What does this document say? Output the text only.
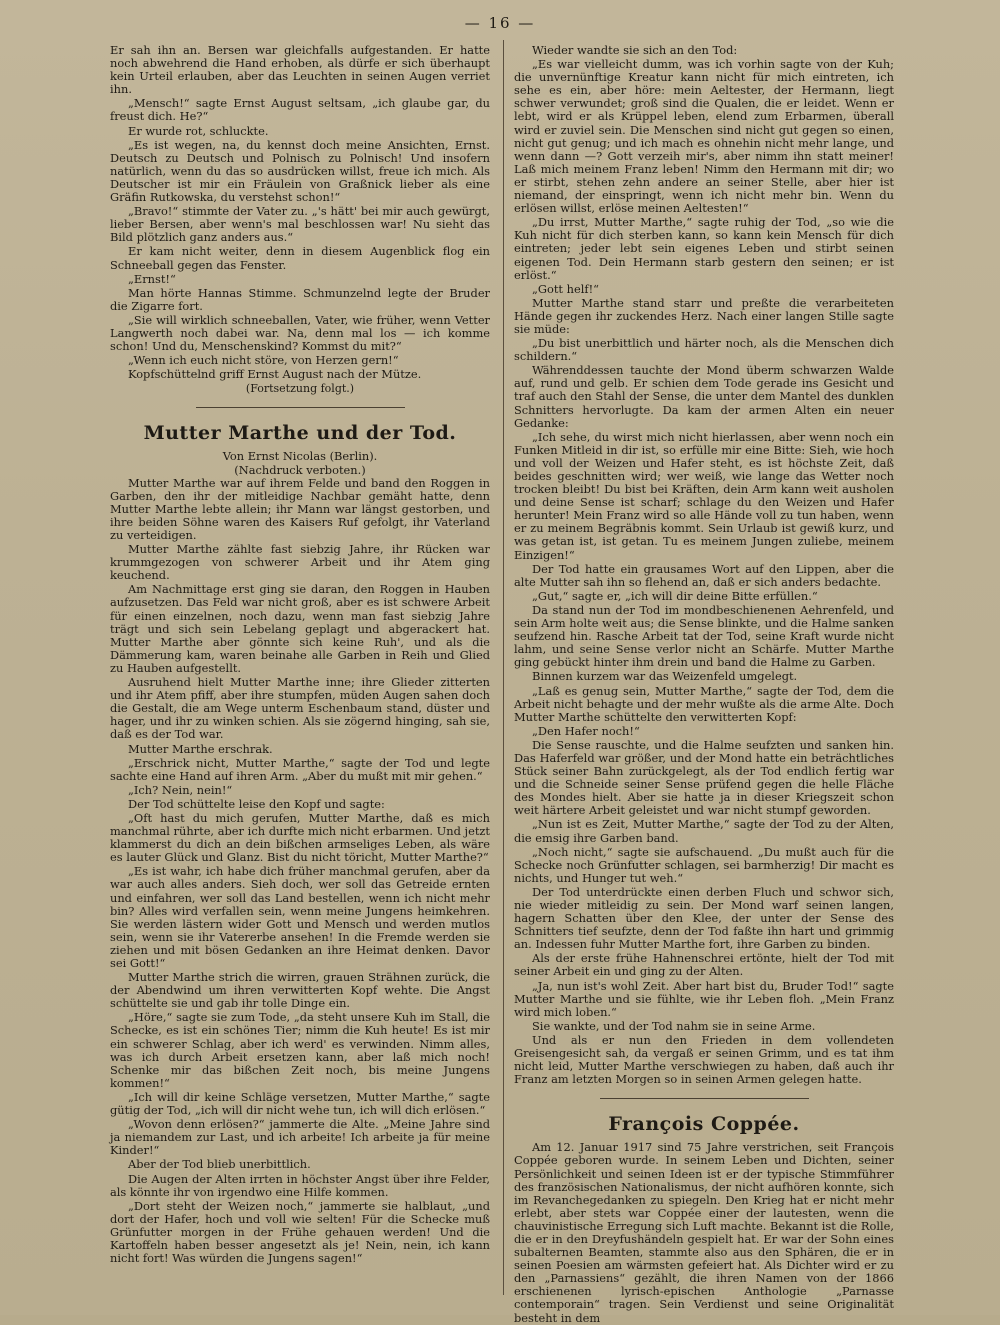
— 16 —

Er sah ihn an. Bersen war gleichfalls aufgestanden. Er hatte noch abwehrend die Hand erhoben, als dürfe er sich überhaupt kein Urteil erlauben, aber das Leuchten in seinen Augen verriet ihn.

„Mensch!“ sagte Ernst August seltsam, „ich glaube gar, du freust dich. He?“

Er wurde rot, schluckte.

„Es ist wegen, na, du kennst doch meine Ansichten, Ernst. Deutsch zu Deutsch und Polnisch zu Polnisch! Und insofern natürlich, wenn du das so ausdrücken willst, freue ich mich. Als Deutscher ist mir ein Fräulein von Graßnick lieber als eine Gräfin Rutkowska, du verstehst schon!“

„Bravo!“ stimmte der Vater zu. „'s hätt' bei mir auch gewürgt, lieber Bersen, aber wenn's mal beschlossen war! Nu sieht das Bild plötzlich ganz anders aus.“

Er kam nicht weiter, denn in diesem Augenblick flog ein Schneeball gegen das Fenster.

„Ernst!“

Man hörte Hannas Stimme. Schmunzelnd legte der Bruder die Zigarre fort.

„Sie will wirklich schneeballen, Vater, wie früher, wenn Vetter Langwerth noch dabei war. Na, denn mal los — ich komme schon! Und du, Menschenskind? Kommst du mit?“

„Wenn ich euch nicht störe, von Herzen gern!“

Kopfschüttelnd griff Ernst August nach der Mütze.

(Fortsetzung folgt.)
Mutter Marthe und der Tod.
Von Ernst Nicolas (Berlin).
(Nachdruck verboten.)

Mutter Marthe war auf ihrem Felde und band den Roggen in Garben, den ihr der mitleidige Nachbar gemäht hatte, denn Mutter Marthe lebte allein; ihr Mann war längst gestorben, und ihre beiden Söhne waren des Kaisers Ruf gefolgt, ihr Vaterland zu verteidigen.

Mutter Marthe zählte fast siebzig Jahre, ihr Rücken war krummgezogen von schwerer Arbeit und ihr Atem ging keuchend.

Am Nachmittage erst ging sie daran, den Roggen in Hauben aufzusetzen. Das Feld war nicht groß, aber es ist schwere Arbeit für einen einzelnen, noch dazu, wenn man fast siebzig Jahre trägt und sich sein Lebelang geplagt und abgerackert hat. Mutter Marthe aber gönnte sich keine Ruh', und als die Dämmerung kam, waren beinahe alle Garben in Reih und Glied zu Hauben aufgestellt.

Ausruhend hielt Mutter Marthe inne; ihre Glieder zitterten und ihr Atem pfiff, aber ihre stumpfen, müden Augen sahen doch die Gestalt, die am Wege unterm Eschenbaum stand, düster und hager, und ihr zu winken schien. Als sie zögernd hinging, sah sie, daß es der Tod war.

Mutter Marthe erschrak.

„Erschrick nicht, Mutter Marthe,“ sagte der Tod und legte sachte eine Hand auf ihren Arm. „Aber du mußt mit mir gehen.“

„Ich? Nein, nein!“

Der Tod schüttelte leise den Kopf und sagte:

„Oft hast du mich gerufen, Mutter Marthe, daß es mich manchmal rührte, aber ich durfte mich nicht erbarmen. Und jetzt klammerst du dich an dein bißchen armseliges Leben, als wäre es lauter Glück und Glanz. Bist du nicht töricht, Mutter Marthe?“

„Es ist wahr, ich habe dich früher manchmal gerufen, aber da war auch alles anders. Sieh doch, wer soll das Getreide ernten und einfahren, wer soll das Land bestellen, wenn ich nicht mehr bin? Alles wird verfallen sein, wenn meine Jungens heimkehren. Sie werden lästern wider Gott und Mensch und werden mutlos sein, wenn sie ihr Vatererbe ansehen! In die Fremde werden sie ziehen und mit bösen Gedanken an ihre Heimat denken. Davor sei Gott!“

Mutter Marthe strich die wirren, grauen Strähnen zurück, die der Abendwind um ihren verwitterten Kopf wehte. Die Angst schüttelte sie und gab ihr tolle Dinge ein.

„Höre,“ sagte sie zum Tode, „da steht unsere Kuh im Stall, die Schecke, es ist ein schönes Tier; nimm die Kuh heute! Es ist mir ein schwerer Schlag, aber ich werd' es verwinden. Nimm alles, was ich durch Arbeit ersetzen kann, aber laß mich noch! Schenke mir das bißchen Zeit noch, bis meine Jungens kommen!“

„Ich will dir keine Schläge versetzen, Mutter Marthe,“ sagte gütig der Tod, „ich will dir nicht wehe tun, ich will dich erlösen.“

„Wovon denn erlösen?“ jammerte die Alte. „Meine Jahre sind ja niemandem zur Last, und ich arbeite! Ich arbeite ja für meine Kinder!“

Aber der Tod blieb unerbittlich.

Die Augen der Alten irrten in höchster Angst über ihre Felder, als könnte ihr von irgendwo eine Hilfe kommen.

„Dort steht der Weizen noch,“ jammerte sie halblaut, „und dort der Hafer, hoch und voll wie selten! Für die Schecke muß Grünfutter morgen in der Frühe gehauen werden! Und die Kartoffeln haben besser angesetzt als je! Nein, nein, ich kann nicht fort! Was würden die Jungens sagen!“

Wieder wandte sie sich an den Tod:

„Es war vielleicht dumm, was ich vorhin sagte von der Kuh; die unvernünftige Kreatur kann nicht für mich eintreten, ich sehe es ein, aber höre: mein Aeltester, der Hermann, liegt schwer verwundet; groß sind die Qualen, die er leidet. Wenn er lebt, wird er als Krüppel leben, elend zum Erbarmen, überall wird er zuviel sein. Die Menschen sind nicht gut gegen so einen, nicht gut genug; und ich mach es ohnehin nicht mehr lange, und wenn dann —? Gott verzeih mir's, aber nimm ihn statt meiner! Laß mich meinem Franz leben! Nimm den Hermann mit dir; wo er stirbt, stehen zehn andere an seiner Stelle, aber hier ist niemand, der einspringt, wenn ich nicht mehr bin. Wenn du erlösen willst, erlöse meinen Aeltesten!“

„Du irrst, Mutter Marthe,“ sagte ruhig der Tod, „so wie die Kuh nicht für dich sterben kann, so kann kein Mensch für dich eintreten; jeder lebt sein eigenes Leben und stirbt seinen eigenen Tod. Dein Hermann starb gestern den seinen; er ist erlöst.“

„Gott helf!“

Mutter Marthe stand starr und preßte die verarbeiteten Hände gegen ihr zuckendes Herz. Nach einer langen Stille sagte sie müde:

„Du bist unerbittlich und härter noch, als die Menschen dich schildern.“

Währenddessen tauchte der Mond überm schwarzen Walde auf, rund und gelb. Er schien dem Tode gerade ins Gesicht und traf auch den Stahl der Sense, die unter dem Mantel des dunklen Schnitters hervorlugte. Da kam der armen Alten ein neuer Gedanke:

„Ich sehe, du wirst mich nicht hierlassen, aber wenn noch ein Funken Mitleid in dir ist, so erfülle mir eine Bitte: Sieh, wie hoch und voll der Weizen und Hafer steht, es ist höchste Zeit, daß beides geschnitten wird; wer weiß, wie lange das Wetter noch trocken bleibt! Du bist bei Kräften, dein Arm kann weit ausholen und deine Sense ist scharf; schlage du den Weizen und Hafer herunter! Mein Franz wird so alle Hände voll zu tun haben, wenn er zu meinem Begräbnis kommt. Sein Urlaub ist gewiß kurz, und was getan ist, ist getan. Tu es meinem Jungen zuliebe, meinem Einzigen!“

Der Tod hatte ein grausames Wort auf den Lippen, aber die alte Mutter sah ihn so flehend an, daß er sich anders bedachte.

„Gut,“ sagte er, „ich will dir deine Bitte erfüllen.“

Da stand nun der Tod im mondbeschienenen Aehrenfeld, und sein Arm holte weit aus; die Sense blinkte, und die Halme sanken seufzend hin. Rasche Arbeit tat der Tod, seine Kraft wurde nicht lahm, und seine Sense verlor nicht an Schärfe. Mutter Marthe ging gebückt hinter ihm drein und band die Halme zu Garben.

Binnen kurzem war das Weizenfeld umgelegt.

„Laß es genug sein, Mutter Marthe,“ sagte der Tod, dem die Arbeit nicht behagte und der mehr wußte als die arme Alte. Doch Mutter Marthe schüttelte den verwitterten Kopf:

„Den Hafer noch!“

Die Sense rauschte, und die Halme seufzten und sanken hin. Das Haferfeld war größer, und der Mond hatte ein beträchtliches Stück seiner Bahn zurückgelegt, als der Tod endlich fertig war und die Schneide seiner Sense prüfend gegen die helle Fläche des Mondes hielt. Aber sie hatte ja in dieser Kriegszeit schon weit härtere Arbeit geleistet und war nicht stumpf geworden.

„Nun ist es Zeit, Mutter Marthe,“ sagte der Tod zu der Alten, die emsig ihre Garben band.

„Noch nicht,“ sagte sie aufschauend. „Du mußt auch für die Schecke noch Grünfutter schlagen, sei barmherzig! Dir macht es nichts, und Hunger tut weh.“

Der Tod unterdrückte einen derben Fluch und schwor sich, nie wieder mitleidig zu sein. Der Mond warf seinen langen, hagern Schatten über den Klee, der unter der Sense des Schnitters tief seufzte, denn der Tod faßte ihn hart und grimmig an. Indessen fuhr Mutter Marthe fort, ihre Garben zu binden.

Als der erste frühe Hahnenschrei ertönte, hielt der Tod mit seiner Arbeit ein und ging zu der Alten.

„Ja, nun ist's wohl Zeit. Aber hart bist du, Bruder Tod!“ sagte Mutter Marthe und sie fühlte, wie ihr Leben floh. „Mein Franz wird mich loben.“

Sie wankte, und der Tod nahm sie in seine Arme.

Und als er nun den Frieden in dem vollendeten Greisengesicht sah, da vergaß er seinen Grimm, und es tat ihm nicht leid, Mutter Marthe verschwiegen zu haben, daß auch ihr Franz am letzten Morgen so in seinen Armen gelegen hatte.

François Coppée.

Am 12. Januar 1917 sind 75 Jahre verstrichen, seit François Coppée geboren wurde. In seinem Leben und Dichten, seiner Persönlichkeit und seinen Ideen ist er der typische Stimmführer des französischen Nationalismus, der nicht aufhören konnte, sich im Revanchegedanken zu spiegeln. Den Krieg hat er nicht mehr erlebt, aber stets war Coppée einer der lautesten, wenn die chauvinistische Erregung sich Luft machte. Bekannt ist die Rolle, die er in den Dreyfushändeln gespielt hat. Er war der Sohn eines subalternen Beamten, stammte also aus den Sphären, die er in seinen Poesien am wärmsten gefeiert hat. Als Dichter wird er zu den „Parnassiens“ gezählt, die ihren Namen von der 1866 erschienenen lyrisch-epischen Anthologie „Parnasse contemporain“ tragen. Sein Verdienst und seine Originalität besteht in dem
